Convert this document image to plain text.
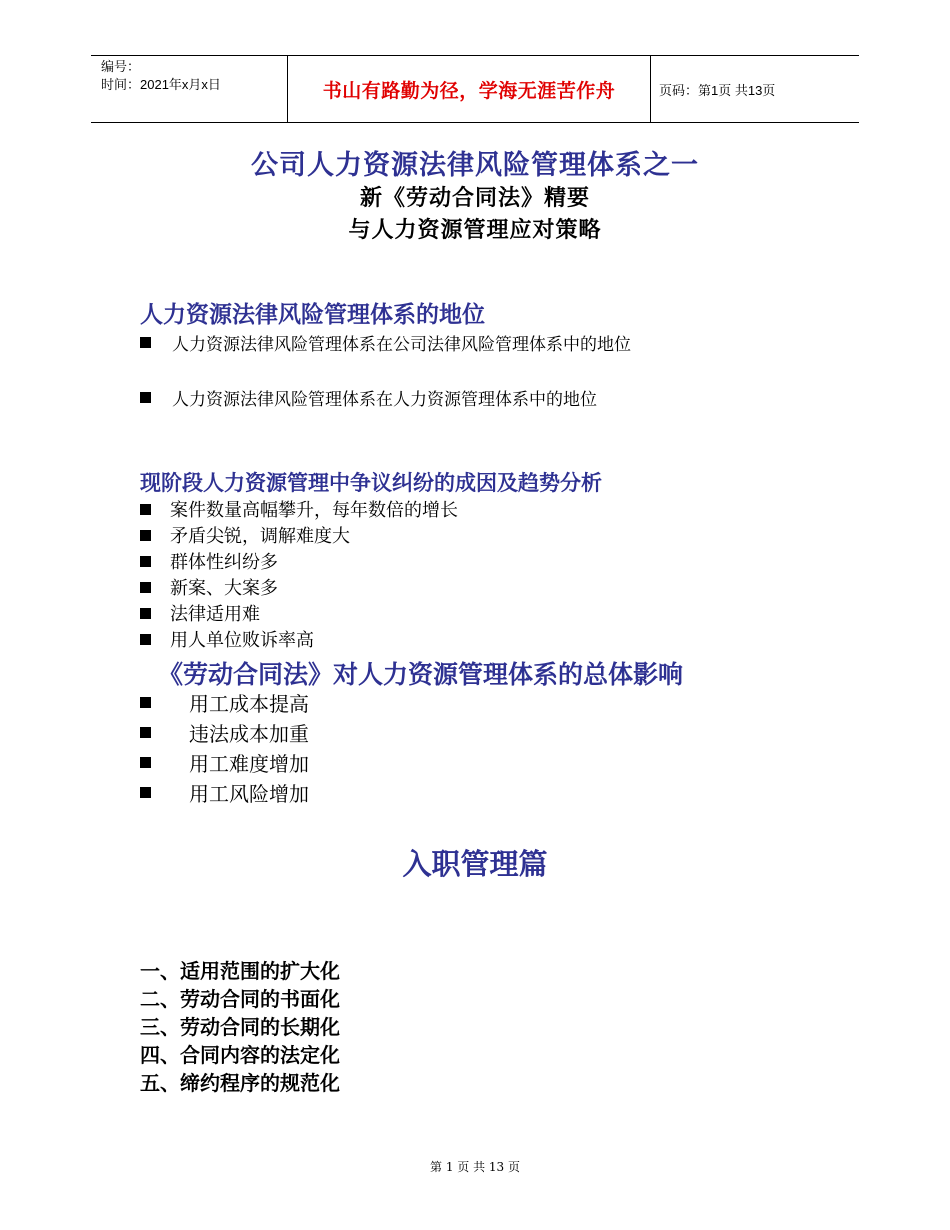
编号：
时间：2021年x月x日	书山有路勤为径，学海无涯苦作舟	页码：第1页 共13页
公司人力资源法律风险管理体系之一
新《劳动合同法》精要
与人力资源管理应对策略
人力资源法律风险管理体系的地位
人力资源法律风险管理体系在公司法律风险管理体系中的地位
人力资源法律风险管理体系在人力资源管理体系中的地位
现阶段人力资源管理中争议纠纷的成因及趋势分析
案件数量高幅攀升，每年数倍的增长
矛盾尖锐，调解难度大
群体性纠纷多
新案、大案多
法律适用难
用人单位败诉率高
《劳动合同法》对人力资源管理体系的总体影响
用工成本提高
违法成本加重
用工难度增加
用工风险增加
入职管理篇
一、适用范围的扩大化
二、劳动合同的书面化
三、劳动合同的长期化
四、合同内容的法定化
五、缔约程序的规范化
第 1 页 共 13 页
